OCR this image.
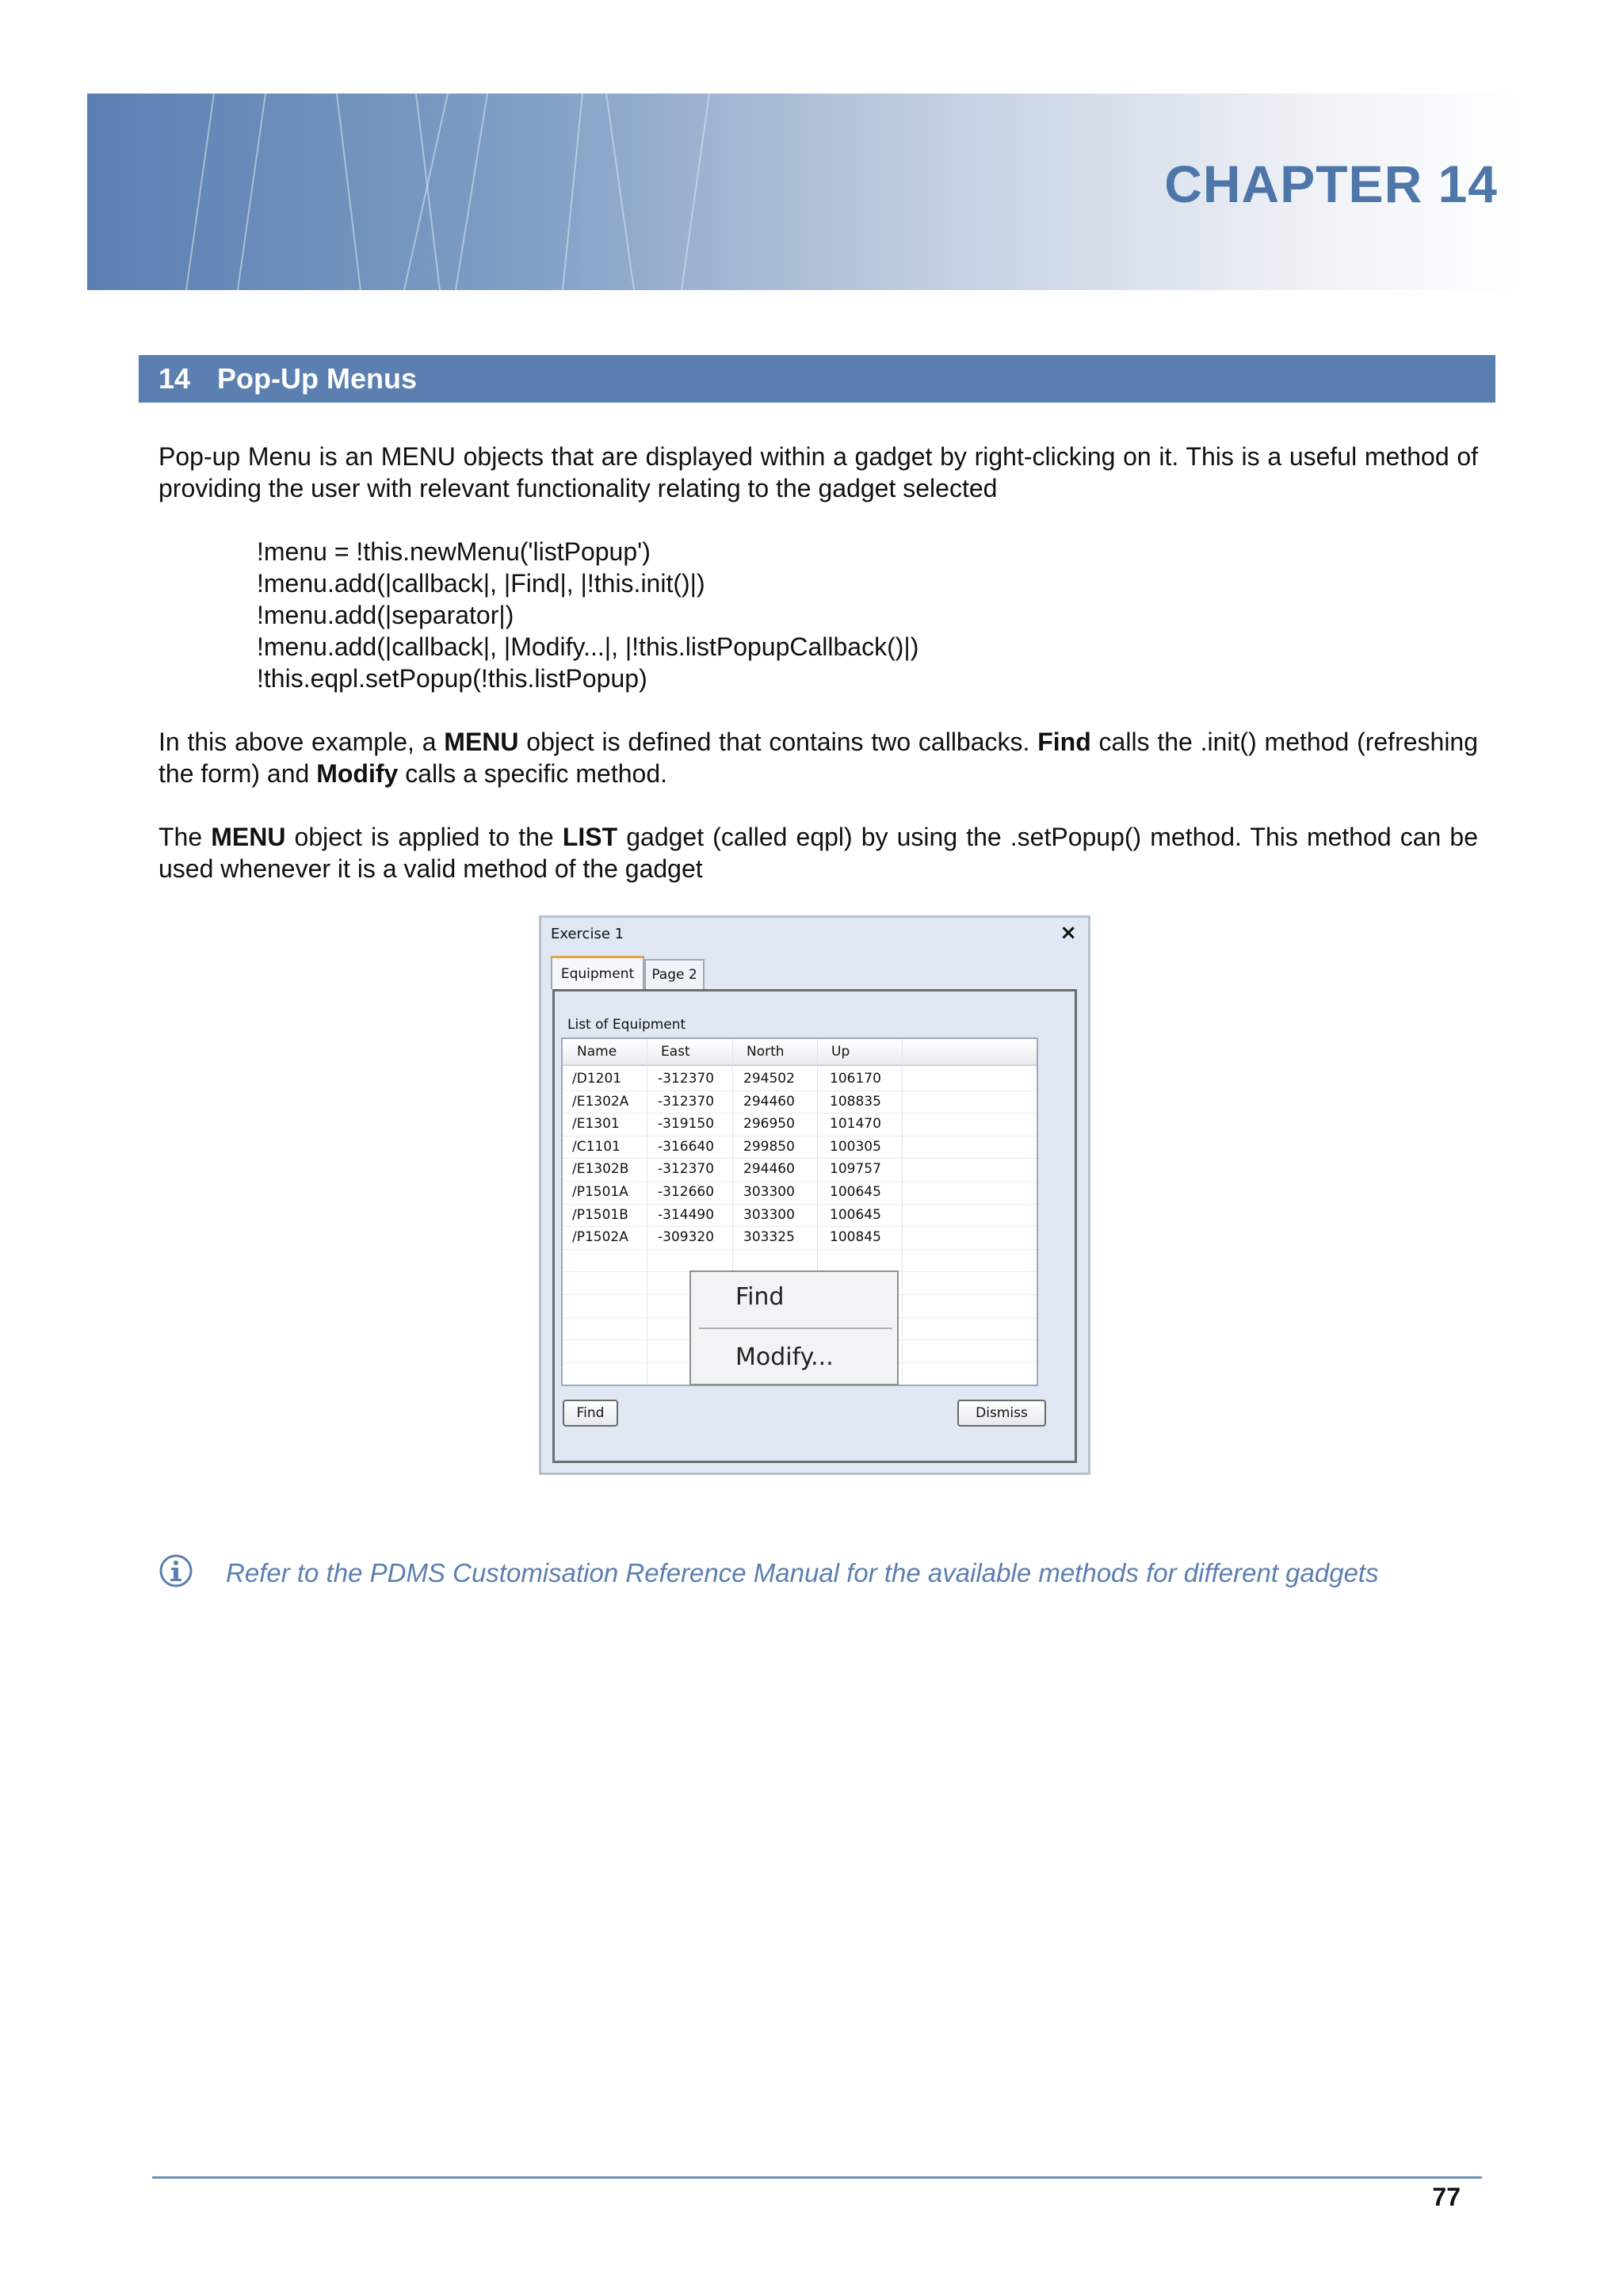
CHAPTER 14
14 Pop-Up Menus
Pop-up Menu is an MENU objects that are displayed within a gadget by right-clicking on it. This is a useful method of providing the user with relevant functionality relating to the gadget selected
!menu = !this.newMenu('listPopup')
!menu.add(|callback|, |Find|, |!this.init()|)
!menu.add(|separator|)
!menu.add(|callback|, |Modify...|, |!this.listPopupCallback()|)
!this.eqpl.setPopup(!this.listPopup)
In this above example, a MENU object is defined that contains two callbacks. Find calls the .init() method (refreshing the form) and Modify calls a specific method.
The MENU object is applied to the LIST gadget (called eqpl) by using the .setPopup() method. This method can be used whenever it is a valid method of the gadget
Exercise 1	×
Equipment	Page 2
List of Equipment
Name	East	North	Up
/D1201	-312370 294502	106170
/E1302A -312370 294460	108835
/E1301	-319150 296950	101470
/C1101	-316640 299850	100305
/E1302B -312370 294460	109757
/P1501A -312660 303300	100645
/P1501B -314490 303300	100645
/P1502A -309320 303325	100845
Find	Dismiss
Find
Modify...
Refer to the PDMS Customisation Reference Manual for the available methods for different gadgets
77
